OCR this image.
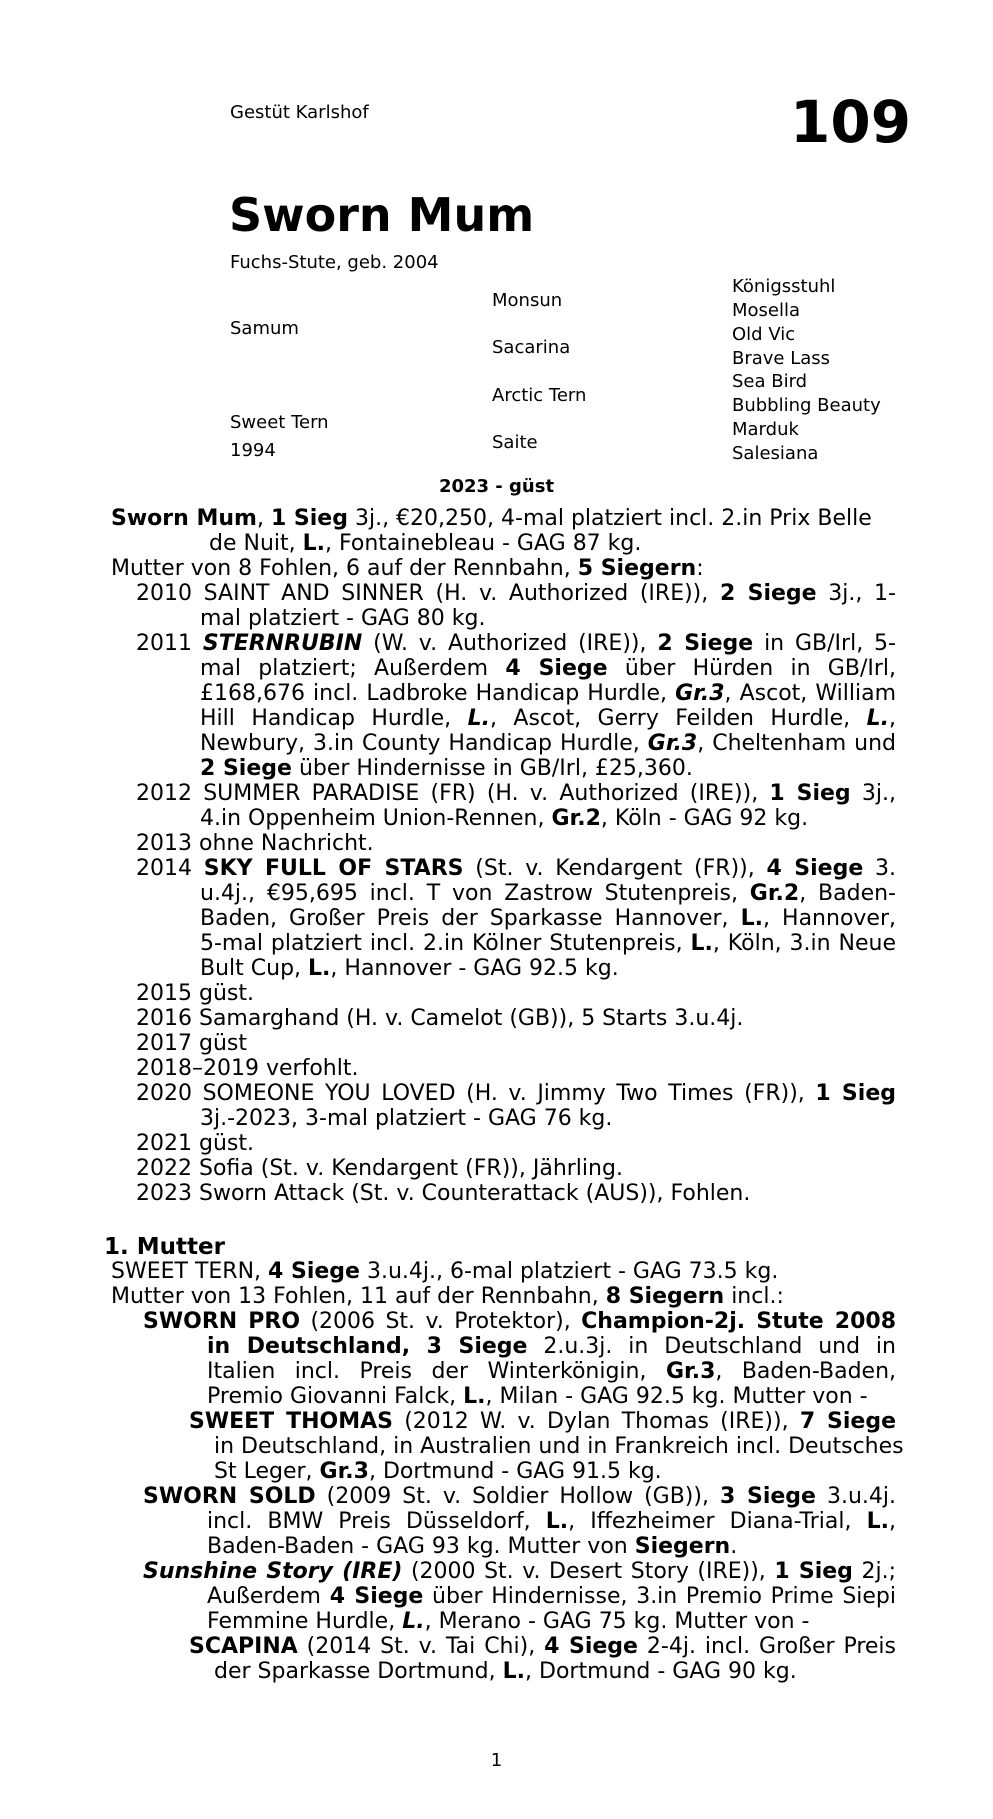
Gestüt Karlshof	109
Sworn Mum
Fuchs-Stute, geb. 2004
Samum
Sweet Tern
1994
Monsun
Sacarina
Arctic Tern
Saite
Königsstuhl
Mosella
Old Vic
Brave Lass
Sea Bird
Bubbling Beauty
Marduk
Salesiana
2023 - güst
Sworn Mum, 1 Sieg 3j., €20,250, 4-mal platziert incl. 2.in Prix Belle
de Nuit, L., Fontainebleau - GAG 87 kg.
Mutter von 8 Fohlen, 6 auf der Rennbahn, 5 Siegern:
2010 SAINT AND SINNER (H. v. Authorized (IRE)), 2 Siege 3j., 1-
mal platziert - GAG 80 kg.
2011 STERNRUBIN (W. v. Authorized (IRE)), 2 Siege in GB/Irl, 5-
mal platziert; Außerdem 4 Siege über Hürden in GB/Irl,
£168,676 incl. Ladbroke Handicap Hurdle, Gr.3, Ascot, William
Hill Handicap Hurdle, L., Ascot, Gerry Feilden Hurdle, L.,
Newbury, 3.in County Handicap Hurdle, Gr.3, Cheltenham und
2 Siege über Hindernisse in GB/Irl, £25,360.
2012 SUMMER PARADISE (FR) (H. v. Authorized (IRE)), 1 Sieg 3j.,
4.in Oppenheim Union-Rennen, Gr.2, Köln - GAG 92 kg.
2013 ohne Nachricht.
2014 SKY FULL OF STARS (St. v. Kendargent (FR)), 4 Siege 3.
u.4j., €95,695 incl. T von Zastrow Stutenpreis, Gr.2, Baden-
Baden, Großer Preis der Sparkasse Hannover, L., Hannover,
5-mal platziert incl. 2.in Kölner Stutenpreis, L., Köln, 3.in Neue
Bult Cup, L., Hannover - GAG 92.5 kg.
2015 güst.
2016 Samarghand (H. v. Camelot (GB)), 5 Starts 3.u.4j.
2017 güst
2018–2019 verfohlt.
2020 SOMEONE YOU LOVED (H. v. Jimmy Two Times (FR)), 1 Sieg
3j.-2023, 3-mal platziert - GAG 76 kg.
2021 güst.
2022 Sofia (St. v. Kendargent (FR)), Jährling.
2023 Sworn Attack (St. v. Counterattack (AUS)), Fohlen.
1. Mutter
SWEET TERN, 4 Siege 3.u.4j., 6-mal platziert - GAG 73.5 kg.
Mutter von 13 Fohlen, 11 auf der Rennbahn, 8 Siegern incl.:
SWORN PRO (2006 St. v. Protektor), Champion-2j. Stute 2008
in Deutschland, 3 Siege 2.u.3j. in Deutschland und in
Italien incl. Preis der Winterkönigin, Gr.3, Baden-Baden,
Premio Giovanni Falck, L., Milan - GAG 92.5 kg. Mutter von -
SWEET THOMAS (2012 W. v. Dylan Thomas (IRE)), 7 Siege
in Deutschland, in Australien und in Frankreich incl. Deutsches
St Leger, Gr.3, Dortmund - GAG 91.5 kg.
SWORN SOLD (2009 St. v. Soldier Hollow (GB)), 3 Siege 3.u.4j.
incl. BMW Preis Düsseldorf, L., Iffezheimer Diana-Trial, L.,
Baden-Baden - GAG 93 kg. Mutter von Siegern.
Sunshine Story (IRE) (2000 St. v. Desert Story (IRE)), 1 Sieg 2j.;
Außerdem 4 Siege über Hindernisse, 3.in Premio Prime Siepi
Femmine Hurdle, L., Merano - GAG 75 kg. Mutter von -
SCAPINA (2014 St. v. Tai Chi), 4 Siege 2-4j. incl. Großer Preis
der Sparkasse Dortmund, L., Dortmund - GAG 90 kg.
1
